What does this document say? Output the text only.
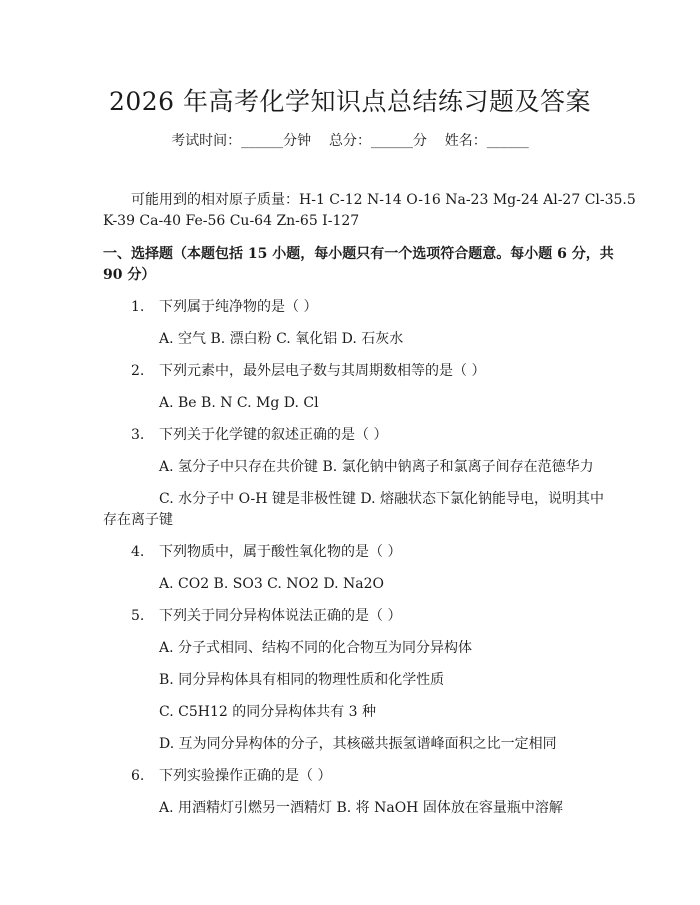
2026 年高考化学知识点总结练习题及答案
考试时间：______分钟    总分：______分    姓名：______
可能用到的相对原子质量：H-1 C-12 N-14 O-16 Na-23 Mg-24 Al-27 Cl-35.5
K-39 Ca-40 Fe-56 Cu-64 Zn-65 I-127
一、选择题（本题包括 15 小题，每小题只有一个选项符合题意。每小题 6 分，共
90 分）
1. 下列属于纯净物的是（ ）
A. 空气 B. 漂白粉 C. 氧化铝 D. 石灰水
2. 下列元素中，最外层电子数与其周期数相等的是（ ）
A. Be B. N C. Mg D. Cl
3. 下列关于化学键的叙述正确的是（ ）
A. 氢分子中只存在共价键 B. 氯化钠中钠离子和氯离子间存在范德华力
C. 水分子中 O-H 键是非极性键 D. 熔融状态下氯化钠能导电，说明其中
存在离子键
4. 下列物质中，属于酸性氧化物的是（ ）
A. CO2 B. SO3 C. NO2 D. Na2O
5. 下列关于同分异构体说法正确的是（ ）
A. 分子式相同、结构不同的化合物互为同分异构体
B. 同分异构体具有相同的物理性质和化学性质
C. C5H12 的同分异构体共有 3 种
D. 互为同分异构体的分子，其核磁共振氢谱峰面积之比一定相同
6. 下列实验操作正确的是（ ）
A. 用酒精灯引燃另一酒精灯 B. 将 NaOH 固体放在容量瓶中溶解
